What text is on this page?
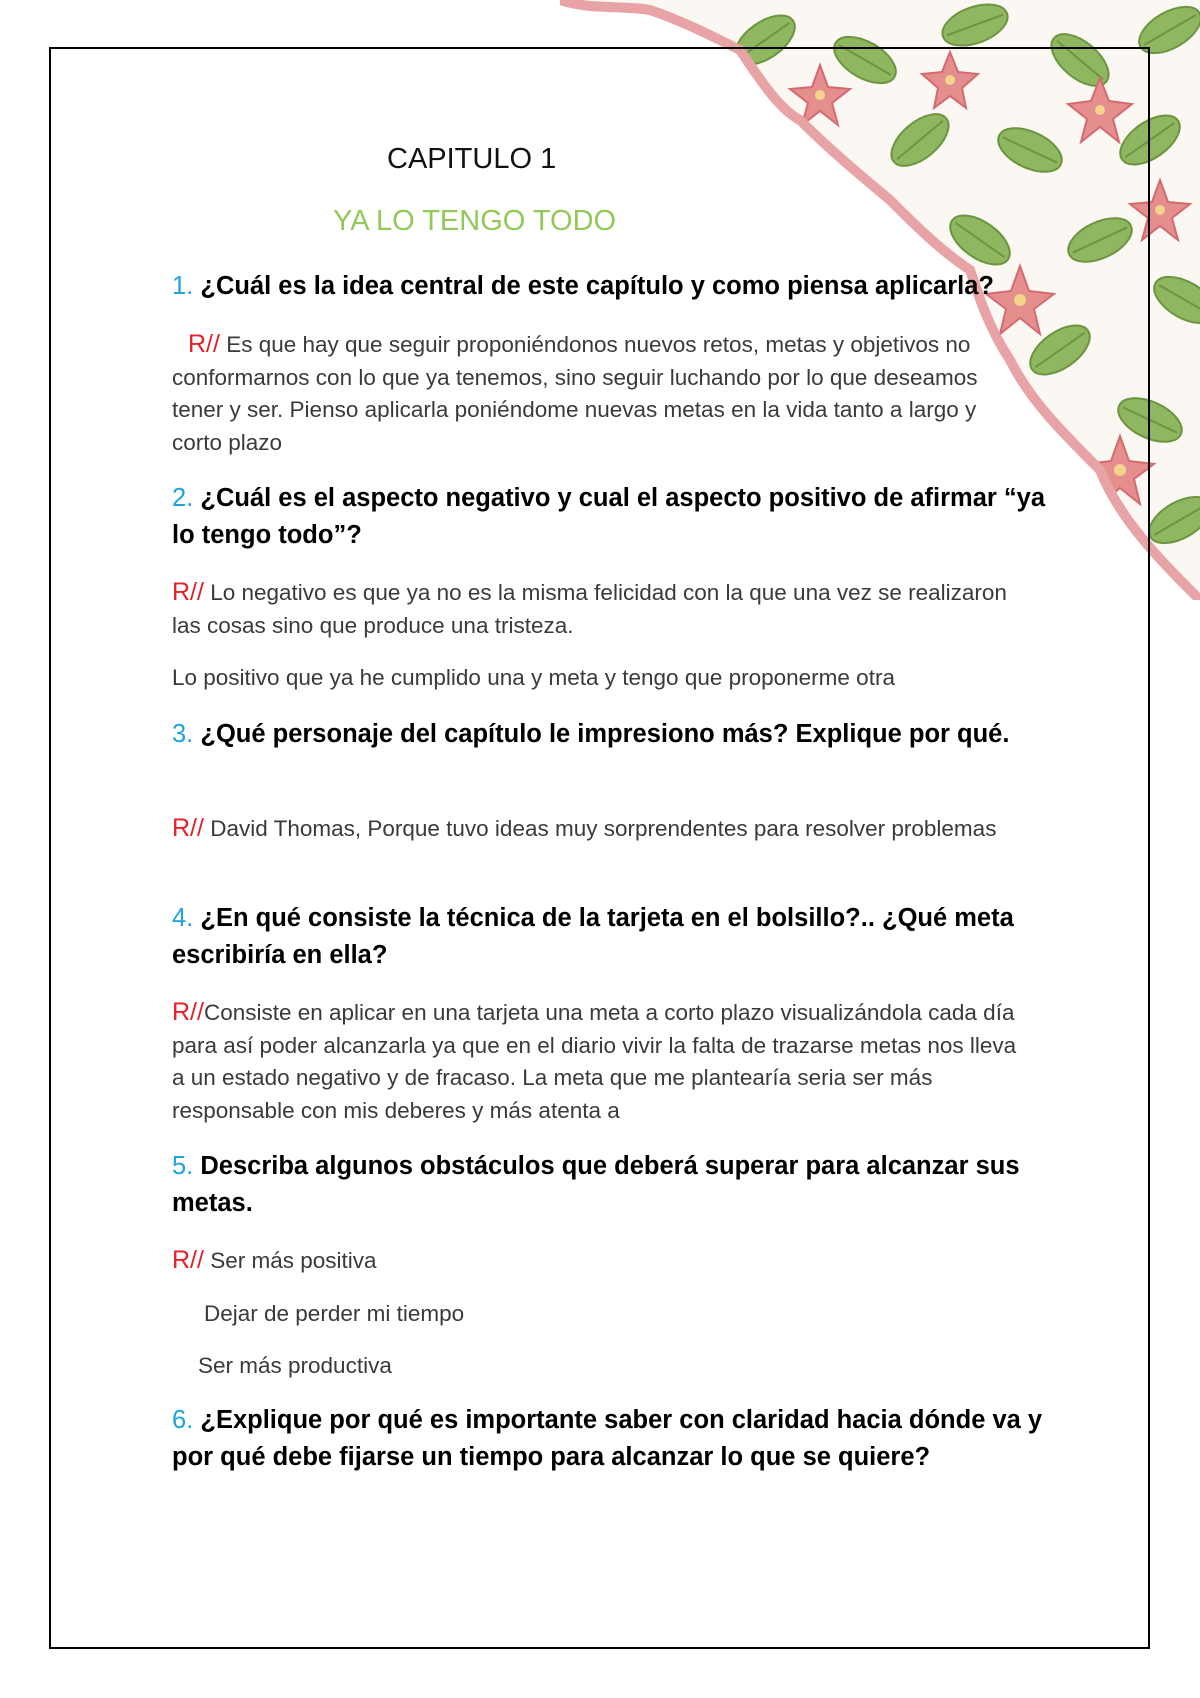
CAPITULO 1
YA LO TENGO TODO
1. ¿Cuál es la idea central de este capítulo y como piensa aplicarla?
R// Es que hay que seguir proponiéndonos nuevos retos, metas y objetivos no conformarnos con lo que ya tenemos, sino seguir luchando por lo que deseamos tener y ser. Pienso aplicarla poniéndome nuevas metas en la vida tanto a largo y corto plazo
2. ¿Cuál es el aspecto negativo y cual el aspecto positivo de afirmar “ya lo tengo todo”?
R// Lo negativo es que ya no es la misma felicidad con la que una vez se realizaron las cosas sino que produce una tristeza.
Lo positivo que ya he cumplido una y meta y tengo que proponerme otra
3. ¿Qué personaje del capítulo le impresiono más? Explique por qué.
R// David Thomas, Porque tuvo ideas muy sorprendentes para resolver problemas
4. ¿En qué consiste la técnica de la tarjeta en el bolsillo?.. ¿Qué meta escribiría en ella?
R//Consiste en aplicar en una tarjeta una meta a corto plazo visualizándola cada día para así poder alcanzarla ya que en el diario vivir la falta de trazarse metas nos lleva a un estado negativo y de fracaso. La meta que me plantearía seria ser más responsable con mis deberes y más atenta a
5. Describa algunos obstáculos que deberá superar para alcanzar sus metas.
R// Ser más positiva
Dejar de perder mi tiempo
Ser más productiva
6. ¿Explique por qué es importante saber con claridad hacia dónde va y por qué debe fijarse un tiempo para alcanzar lo que se quiere?
